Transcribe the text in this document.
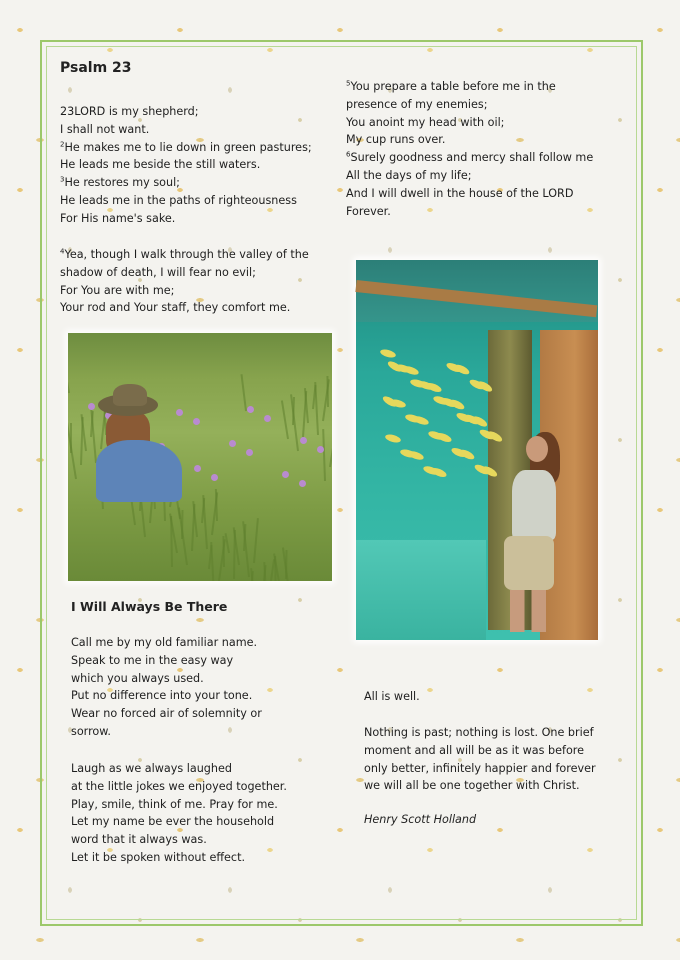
Psalm 23
23LORD is my shepherd;
I shall not want.
$^2$He makes me to lie down in green pastures;
He leads me beside the still waters.
$^3$He restores my soul;
He leads me in the paths of righteousness
For His name's sake.
$^4$Yea, though I walk through the valley of the
shadow of death, I will fear no evil;
For You are with me;
Your rod and Your staff, they comfort me.
$^5$You prepare a table before me in the
presence of my enemies;
You anoint my head with oil;
My cup runs over.
$^6$Surely goodness and mercy shall follow me
All the days of my life;
And I will dwell in the house of the LORD
Forever.
I Will Always Be There
Call me by my old familiar name.
Speak to me in the easy way
which you always used.
Put no difference into your tone.
Wear no forced air of solemnity or
sorrow.
Laugh as we always laughed
at the little jokes we enjoyed together.
Play, smile, think of me. Pray for me.
Let my name be ever the household
word that it always was.
Let it be spoken without effect.
All is well.
Nothing is past; nothing is lost. One brief
moment and all will be as it was before
only better, infinitely happier and forever
we will all be one together with Christ.
Henry Scott Holland
